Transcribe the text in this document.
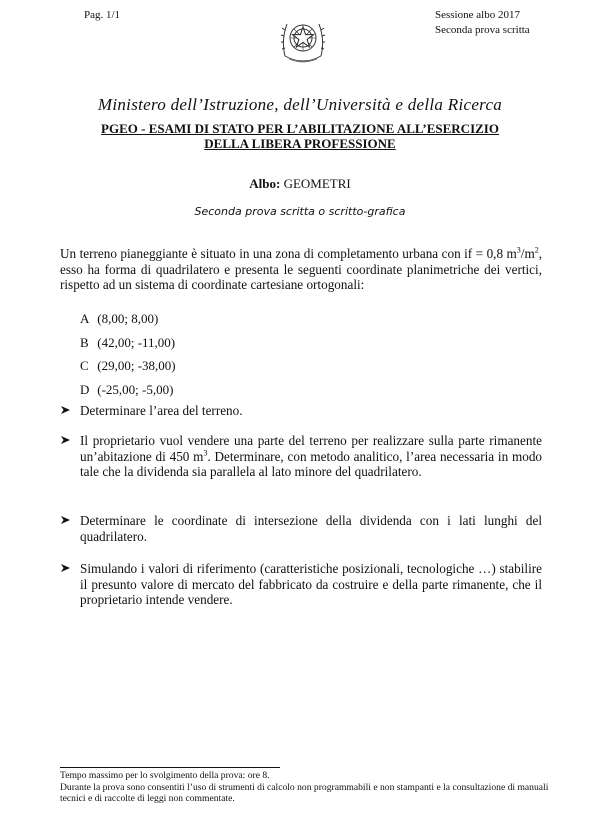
Pag. 1/1	Sessione albo 2017
Seconda prova scritta
Ministero dell’Istruzione, dell’Università e della Ricerca
PGEO - ESAMI DI STATO PER L’ABILITAZIONE ALL’ESERCIZIO
DELLA LIBERA PROFESSIONE
Albo: GEOMETRI
Seconda prova scritta o scritto-grafica
Un terreno pianeggiante è situato in una zona di completamento urbana con if = 0,8 $m^3/m^2$, esso ha forma di quadrilatero e presenta le seguenti coordinate planimetriche dei vertici, rispetto ad un sistema di coordinate cartesiane ortogonali:
A (8,00; 8,00)
B (42,00; -11,00)
C (29,00; -38,00)
D (-25,00; -5,00)
Determinare l’area del terreno.
Il proprietario vuol vendere una parte del terreno per realizzare sulla parte rimanente un’abitazione di 450 $m^3$. Determinare, con metodo analitico, l’area necessaria in modo tale che la dividenda sia parallela al lato minore del quadrilatero.
Determinare le coordinate di intersezione della dividenda con i lati lunghi del quadrilatero.
Simulando i valori di riferimento (caratteristiche posizionali, tecnologiche …) stabilire il presunto valore di mercato del fabbricato da costruire e della parte rimanente, che il proprietario intende vendere.
Tempo massimo per lo svolgimento della prova: ore 8.
Durante la prova sono consentiti l’uso di strumenti di calcolo non programmabili e non stampanti e la consultazione di manuali tecnici e di raccolte di leggi non commentate.
